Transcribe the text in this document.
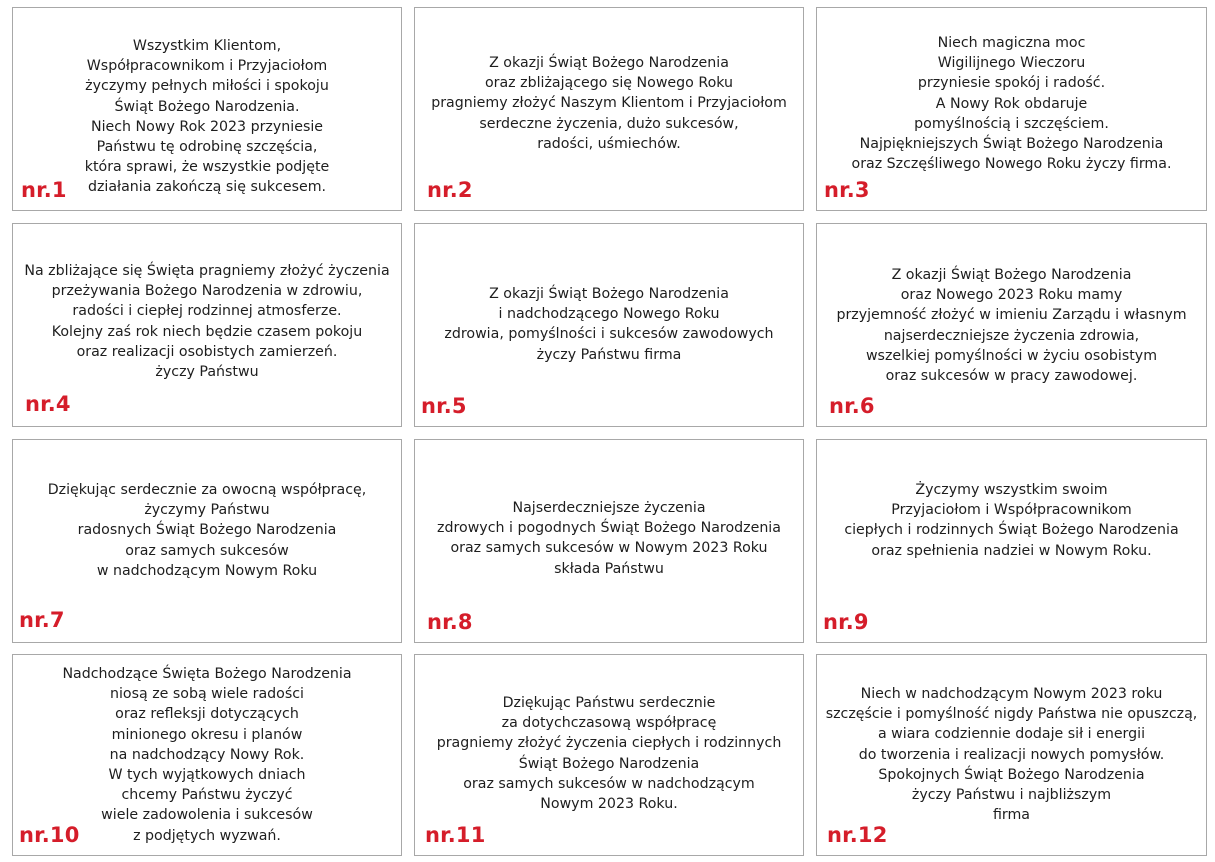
Wszystkim Klientom,
Współpracownikom i Przyjaciołom
życzymy pełnych miłości i spokoju
Świąt Bożego Narodzenia.
Niech Nowy Rok 2023 przyniesie
Państwu tę odrobinę szczęścia,
która sprawi, że wszystkie podjęte
działania zakończą się sukcesem.

nr.1

Z okazji Świąt Bożego Narodzenia
oraz zbliżającego się Nowego Roku
pragniemy złożyć Naszym Klientom i Przyjaciołom
serdeczne życzenia, dużo sukcesów,
radości, uśmiechów.

nr.2

Niech magiczna moc
Wigilijnego Wieczoru
przyniesie spokój i radość.
A Nowy Rok obdaruje
pomyślnością i szczęściem.
Najpiękniejszych Świąt Bożego Narodzenia
oraz Szczęśliwego Nowego Roku życzy firma.

nr.3

Na zbliżające się Święta pragniemy złożyć życzenia
przeżywania Bożego Narodzenia w zdrowiu,
radości i ciepłej rodzinnej atmosferze.
Kolejny zaś rok niech będzie czasem pokoju
oraz realizacji osobistych zamierzeń.
życzy Państwu

nr.4

Z okazji Świąt Bożego Narodzenia
i nadchodzącego Nowego Roku
zdrowia, pomyślności i sukcesów zawodowych
życzy Państwu firma

nr.5

Z okazji Świąt Bożego Narodzenia
oraz Nowego 2023 Roku mamy
przyjemność złożyć w imieniu Zarządu i własnym
najserdeczniejsze życzenia zdrowia,
wszelkiej pomyślności w życiu osobistym
oraz sukcesów w pracy zawodowej.

nr.6

Dziękując serdecznie za owocną współpracę,
życzymy Państwu
radosnych Świąt Bożego Narodzenia
oraz samych sukcesów
w nadchodzącym Nowym Roku

nr.7

Najserdeczniejsze życzenia
zdrowych i pogodnych Świąt Bożego Narodzenia
oraz samych sukcesów w Nowym 2023 Roku
składa Państwu

nr.8

Życzymy wszystkim swoim
Przyjaciołom i Współpracownikom
ciepłych i rodzinnych Świąt Bożego Narodzenia
oraz spełnienia nadziei w Nowym Roku.

nr.9

Nadchodzące Święta Bożego Narodzenia
niosą ze sobą wiele radości
oraz refleksji dotyczących
minionego okresu i planów
na nadchodzący Nowy Rok.
W tych wyjątkowych dniach
chcemy Państwu życzyć
wiele zadowolenia i sukcesów
z podjętych wyzwań.

nr.10

Dziękując Państwu serdecznie
za dotychczasową współpracę
pragniemy złożyć życzenia ciepłych i rodzinnych
Świąt Bożego Narodzenia
oraz samych sukcesów w nadchodzącym
Nowym 2023 Roku.

nr.11

Niech w nadchodzącym Nowym 2023 roku
szczęście i pomyślność nigdy Państwa nie opuszczą,
a wiara codziennie dodaje sił i energii
do tworzenia i realizacji nowych pomysłów.
Spokojnych Świąt Bożego Narodzenia
życzy Państwu i najbliższym
firma

nr.12
